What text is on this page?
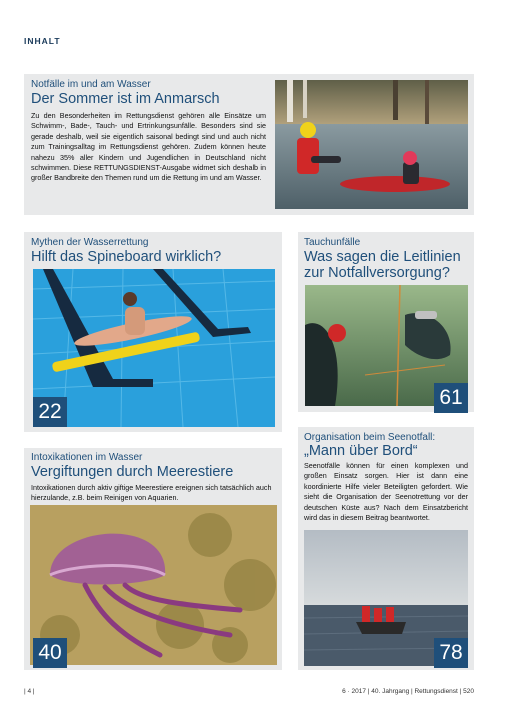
INHALT
Notfälle im und am Wasser
Der Sommer ist im Anmarsch
Zu den Besonderheiten im Rettungsdienst gehören alle Einsätze um Schwimm-, Bade-, Tauch- und Ertrinkungsunfälle. Besonders sind sie gerade deshalb, weil sie eigentlich saisonal bedingt sind und auch nicht zum Trainingsalltag im Rettungsdienst gehören. Zudem können heute nahezu 35% aller Kindern und Jugendlichen in Deutschland nicht schwimmen. Diese RETTUNGSDIENST-Ausgabe widmet sich deshalb in großer Bandbreite den Themen rund um die Rettung im und am Wasser.
Mythen der Wasserrettung
Hilft das Spineboard wirklich?
22
Tauchunfälle
Was sagen die Leitlinien
zur Notfallversorgung?
61
Intoxikationen im Wasser
Vergiftungen durch Meerestiere
Intoxikationen durch aktiv giftige Meerestiere ereignen sich tatsächlich auch hierzulande, z.B. beim Reinigen von Aquarien.
40
Organisation beim Seenotfall:
„Mann über Bord“
Seenotfälle können für einen komplexen und großen Einsatz sorgen. Hier ist dann eine koordinierte Hilfe vieler Beteiligten gefordert. Wie sieht die Organisation der Seenotrettung vor der deutschen Küste aus? Nach dem Einsatzbericht wird das in diesem Beitrag beantwortet.
78
| 4 |	6 · 2017 | 40. Jahrgang | Rettungsdienst | 520
